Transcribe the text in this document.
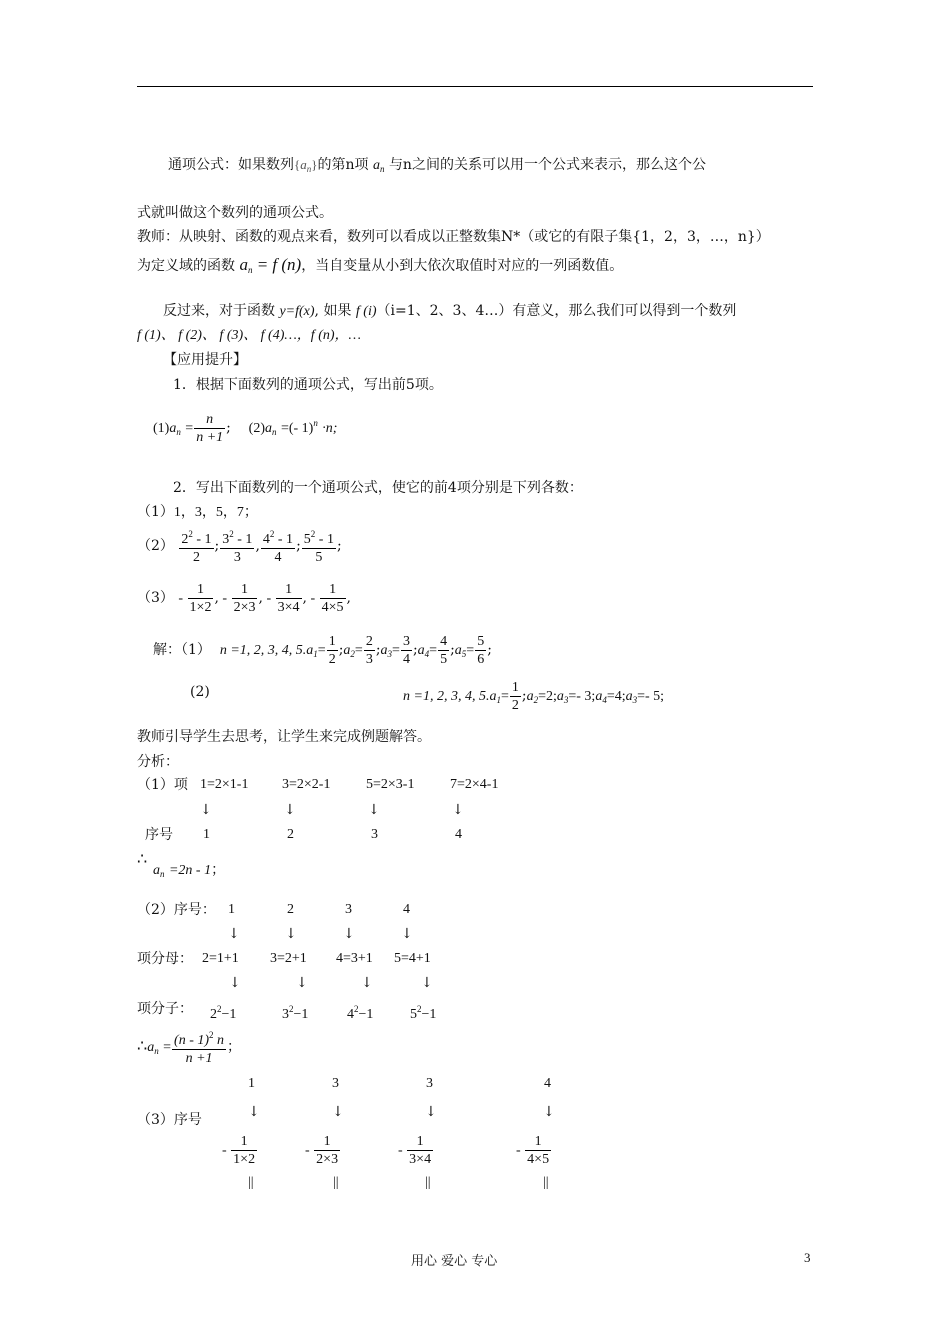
通项公式：如果数列$\{a_n\}$的第n项 $a_n$ 与n之间的关系可以用一个公式来表示，那么这个公
式就叫做这个数列的通项公式。
教师：从映射、函数的观点来看，数列可以看成以正整数集N*（或它的有限子集{1，2，3，…，n}）
为定义域的函数 $a_n = f$ (n)，当自变量从小到大依次取值时对应的一列函数值。
反过来，对于函数 y=f(x), 如果 f (i)（i=1、2、3、4…）有意义，那么我们可以得到一个数列
f (1)、 f (2)、 f (3)、 f (4)…，f (n)，…
【应用提升】
1．根据下面数列的通项公式，写出前5项。
$(1)a_n = \frac{n}{n +1}$ ;    $(2)a_n$ =(- 1)$^n$ ·n;
2．写出下面数列的一个通项公式，使它的前4项分别是下列各数：
（1）1，3，5，7；
$(2) \frac{2^2 - 1}{2}$ ; $\frac{3^2 - 1}{3}$ , $\frac{4^2 - 1}{4}$ ; $\frac{5^2 - 1}{5}$ ;
$(3) - \frac{1}{1\times 2}$ , - $\frac{1}{2\times 3}$ , - $\frac{1}{3\times 4}$ , - $\frac{1}{4\times 5}$ ,
解：（1） n =1, 2, 3, 4, $5.a_1= \frac{1}{2}$ $;a_2= \frac{2}{3}$ $;a_3= \frac{3}{4}$ $;a_4= \frac{4}{5}$ $;a_5= \frac{5}{6}$ ;
(2)	n =1, 2, 3, 4, $5.a_1= \frac{1}{2}$ $;a_2=2;a_3=-$ $3;a_4=4;a_3=-$ 5;
教师引导学生去思考，让学生来完成例题解答。
分析：
（1）项 1=2×1-1 3=2×2-1	5=2×3-1	7=2×4-1
↓	↓	↓	↓
序号 1	2	3	4
∴
$a_n =2n - 1$；
（2）序号： 1	2	3	4
↓	↓	↓	↓
项分母： 2=1+1 3=2+1 4=3+1 5=4+1
↓	↓	↓	↓
项分子： $2^2-1$	$3^2-1$	$4^2-1$	$5^2-1$
$\therefore a_n = \frac{(n - 1)^2 n}{n +1}$ ；
1	3	3	4
（3）序号	↓	↓	↓	↓
- $\frac{1}{1\times 2}$	- $\frac{1}{2\times 3}$	- $\frac{1}{3\times 4}$	- $\frac{1}{4\times 5}$
||	||	||	||
用心 爱心 专心	3
